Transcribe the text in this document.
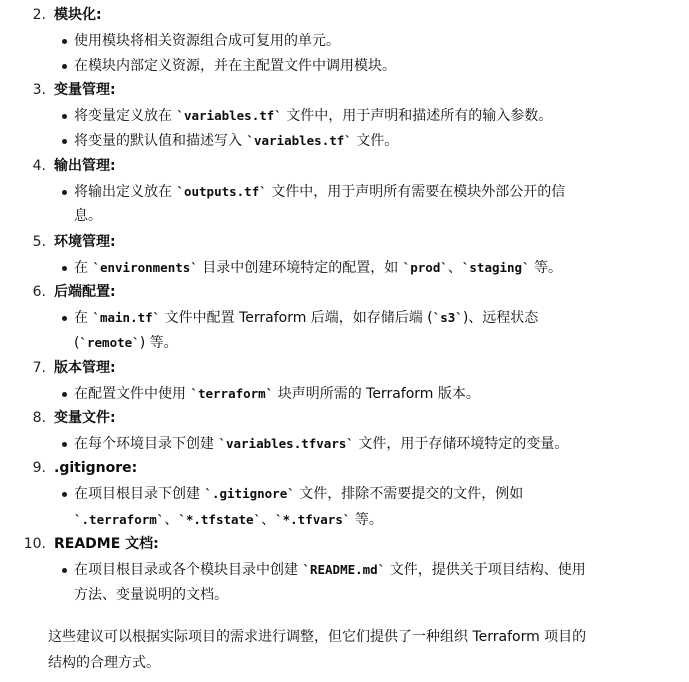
2. 模块化:
使用模块将相关资源组合成可复用的单元。
在模块内部定义资源，并在主配置文件中调用模块。
3. 变量管理:
将变量定义放在 `variables.tf` 文件中，用于声明和描述所有的输入参数。
将变量的默认值和描述写入 `variables.tf` 文件。
4. 输出管理:
将输出定义放在 `outputs.tf` 文件中，用于声明所有需要在模块外部公开的信
息。
5. 环境管理:
在 `environments` 目录中创建环境特定的配置，如 `prod`、`staging` 等。
6. 后端配置:
在 `main.tf` 文件中配置 Terraform 后端，如存储后端 (`s3`)、远程状态
(`remote`) 等。
7. 版本管理:
在配置文件中使用 `terraform` 块声明所需的 Terraform 版本。
8. 变量文件:
在每个环境目录下创建 `variables.tfvars` 文件，用于存储环境特定的变量。
9. .gitignore:
在项目根目录下创建 `.gitignore` 文件，排除不需要提交的文件，例如
`.terraform`、`*.tfstate`、`*.tfvars` 等。
10. README 文档:
在项目根目录或各个模块目录中创建 `README.md` 文件，提供关于项目结构、使用
方法、变量说明的文档。
这些建议可以根据实际项目的需求进行调整，但它们提供了一种组织 Terraform 项目的
结构的合理方式。
